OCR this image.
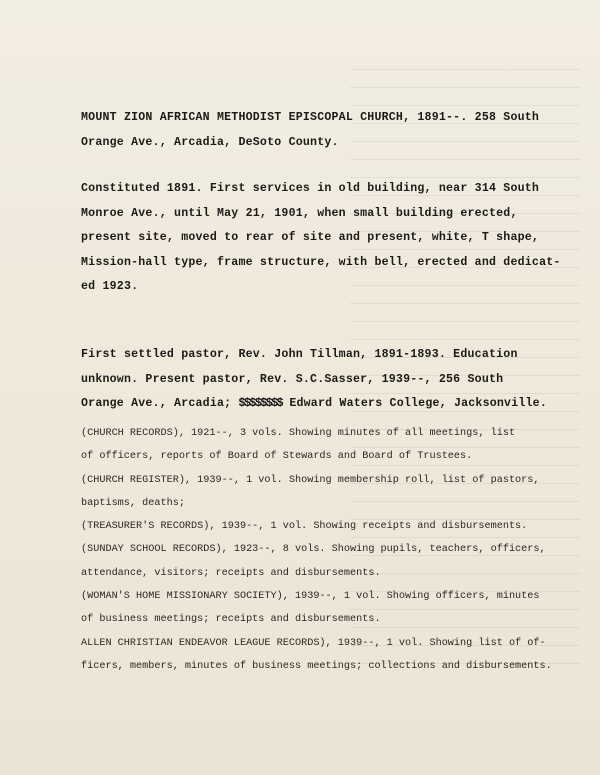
MOUNT ZION AFRICAN METHODIST EPISCOPAL CHURCH, 1891--. 258 South
Orange Ave., Arcadia, DeSoto County.
Constituted 1891. First services in old building, near 314 South
Monroe Ave., until May 21, 1901, when small building erected,
present site, moved to rear of site and present, white, T shape,
Mission-hall type, frame structure, with bell, erected and dedicat-
ed 1923.
First settled pastor, Rev. John Tillman, 1891-1893. Education
unknown. Present pastor, Rev. S.C.Sasser, 1939--, 256 South
Orange Ave., Arcadia; $$$$$$$$ Edward Waters College, Jacksonville.
(CHURCH RECORDS), 1921--, 3 vols. Showing minutes of all meetings, list
of officers, reports of Board of Stewards and Board of Trustees.
(CHURCH REGISTER), 1939--, 1 vol. Showing membership roll, list of pastors,
baptisms, deaths;
(TREASURER'S RECORDS), 1939--, 1 vol. Showing receipts and disbursements.
(SUNDAY SCHOOL RECORDS), 1923--, 8 vols. Showing pupils, teachers, officers,
attendance, visitors; receipts and disbursements.
(WOMAN'S HOME MISSIONARY SOCIETY), 1939--, 1 vol. Showing officers, minutes
of business meetings; receipts and disbursements.
ALLEN CHRISTIAN ENDEAVOR LEAGUE RECORDS), 1939--, 1 vol. Showing list of of-
ficers, members, minutes of business meetings; collections and disbursements.
